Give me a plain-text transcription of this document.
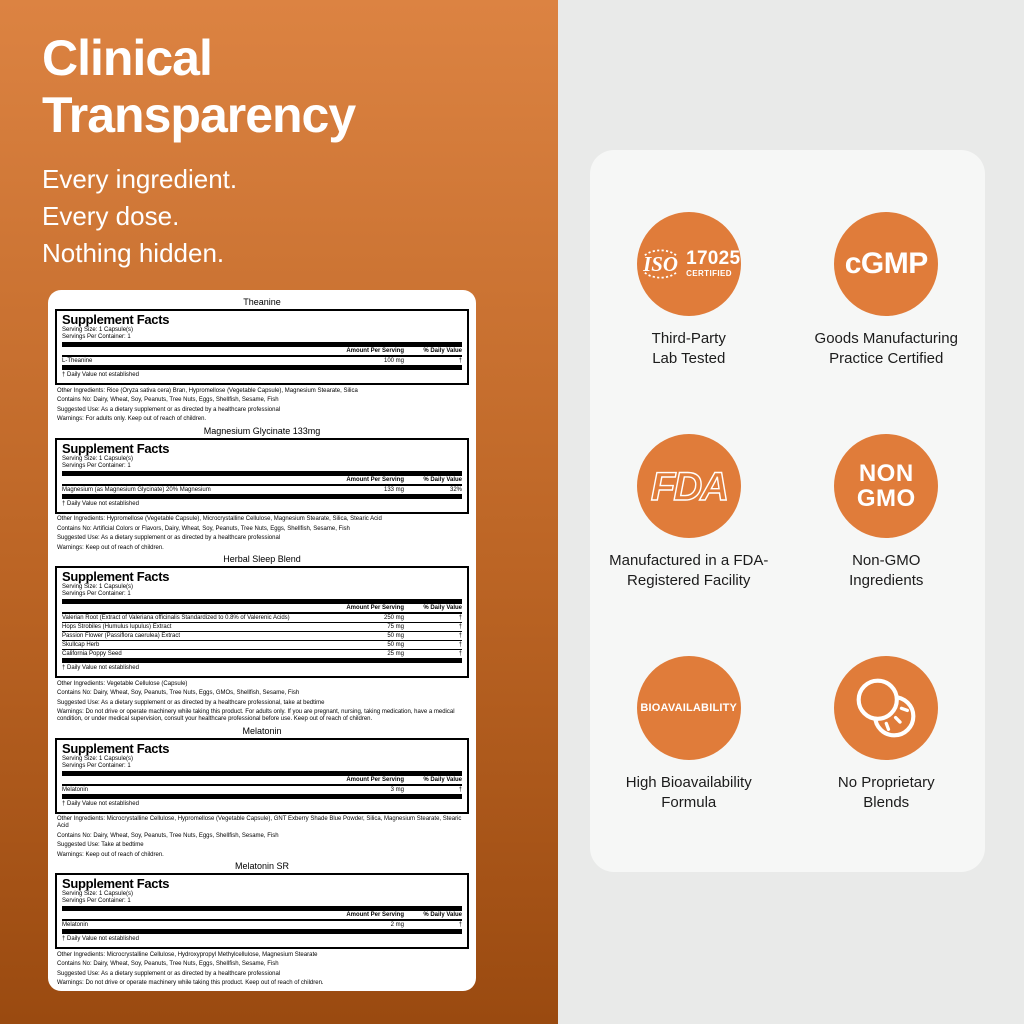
Clinical
Transparency
Every ingredient.
Every dose.
Nothing hidden.
Theanine
Supplement Facts
Serving Size: 1 Capsule(s)
Servings Per Container: 1
Amount Per Serving	% Daily Value
L-Theanine	100 mg	†
† Daily Value not established
Other Ingredients: Rice (Oryza sativa cera) Bran, Hypromellose (Vegetable Capsule), Magnesium Stearate, Silica
Contains No: Dairy, Wheat, Soy, Peanuts, Tree Nuts, Eggs, Shellfish, Sesame, Fish
Suggested Use: As a dietary supplement or as directed by a healthcare professional
Warnings: For adults only. Keep out of reach of children.
Magnesium Glycinate 133mg
Supplement Facts
Serving Size: 1 Capsule(s)
Servings Per Container: 1
Amount Per Serving	% Daily Value
Magnesium (as Magnesium Glycinate) 20% Magnesium	133 mg	32%
† Daily Value not established
Other Ingredients: Hypromellose (Vegetable Capsule), Microcrystalline Cellulose, Magnesium Stearate, Silica, Stearic Acid
Contains No: Artificial Colors or Flavors, Dairy, Wheat, Soy, Peanuts, Tree Nuts, Eggs, Shellfish, Sesame, Fish
Suggested Use: As a dietary supplement or as directed by a healthcare professional
Warnings: Keep out of reach of children.
Herbal Sleep Blend
Supplement Facts
Serving Size: 1 Capsule(s)
Servings Per Container: 1
Amount Per Serving	% Daily Value
Valerian Root (Extract of Valeriana officinalis Standardized to 0.8% of Valerenic Acids)	250 mg	†
Hops Strobiles (Humulus lupulus) Extract	75 mg	†
Passion Flower (Passiflora caerulea) Extract	50 mg	†
Skullcap Herb	50 mg	†
California Poppy Seed	25 mg	†
† Daily Value not established
Other Ingredients: Vegetable Cellulose (Capsule)
Contains No: Dairy, Wheat, Soy, Peanuts, Tree Nuts, Eggs, GMOs, Shellfish, Sesame, Fish
Suggested Use: As a dietary supplement or as directed by a healthcare professional, take at bedtime
Warnings: Do not drive or operate machinery while taking this product. For adults only. If you are pregnant, nursing, taking medication, have a medical condition, or under medical supervision, consult your healthcare professional before use. Keep out of reach of children.
Melatonin
Supplement Facts
Serving Size: 1 Capsule(s)
Servings Per Container: 1
Amount Per Serving	% Daily Value
Melatonin	3 mg	†
† Daily Value not established
Other Ingredients: Microcrystalline Cellulose, Hypromellose (Vegetable Capsule), GNT Exberry Shade Blue Powder, Silica, Magnesium Stearate, Stearic Acid
Contains No: Dairy, Wheat, Soy, Peanuts, Tree Nuts, Eggs, Shellfish, Sesame, Fish
Suggested Use: Take at bedtime
Warnings: Keep out of reach of children.
Melatonin SR
Supplement Facts
Serving Size: 1 Capsule(s)
Servings Per Container: 1
Amount Per Serving	% Daily Value
Melatonin	2 mg	†
† Daily Value not established
Other Ingredients: Microcrystalline Cellulose, Hydroxypropyl Methylcellulose, Magnesium Stearate
Contains No: Dairy, Wheat, Soy, Peanuts, Tree Nuts, Eggs, Shellfish, Sesame, Fish
Suggested Use: As a dietary supplement or as directed by a healthcare professional
Warnings: Do not drive or operate machinery while taking this product. Keep out of reach of children.
ISO 17025
CERTIFIED
Third-Party
Lab Tested
cGMP
Goods Manufacturing
Practice Certified
FDA
Manufactured in a FDA-
Registered Facility
NON
GMO
Non-GMO
Ingredients
BIOAVAILABILITY
High Bioavailability
Formula
No Proprietary
Blends
